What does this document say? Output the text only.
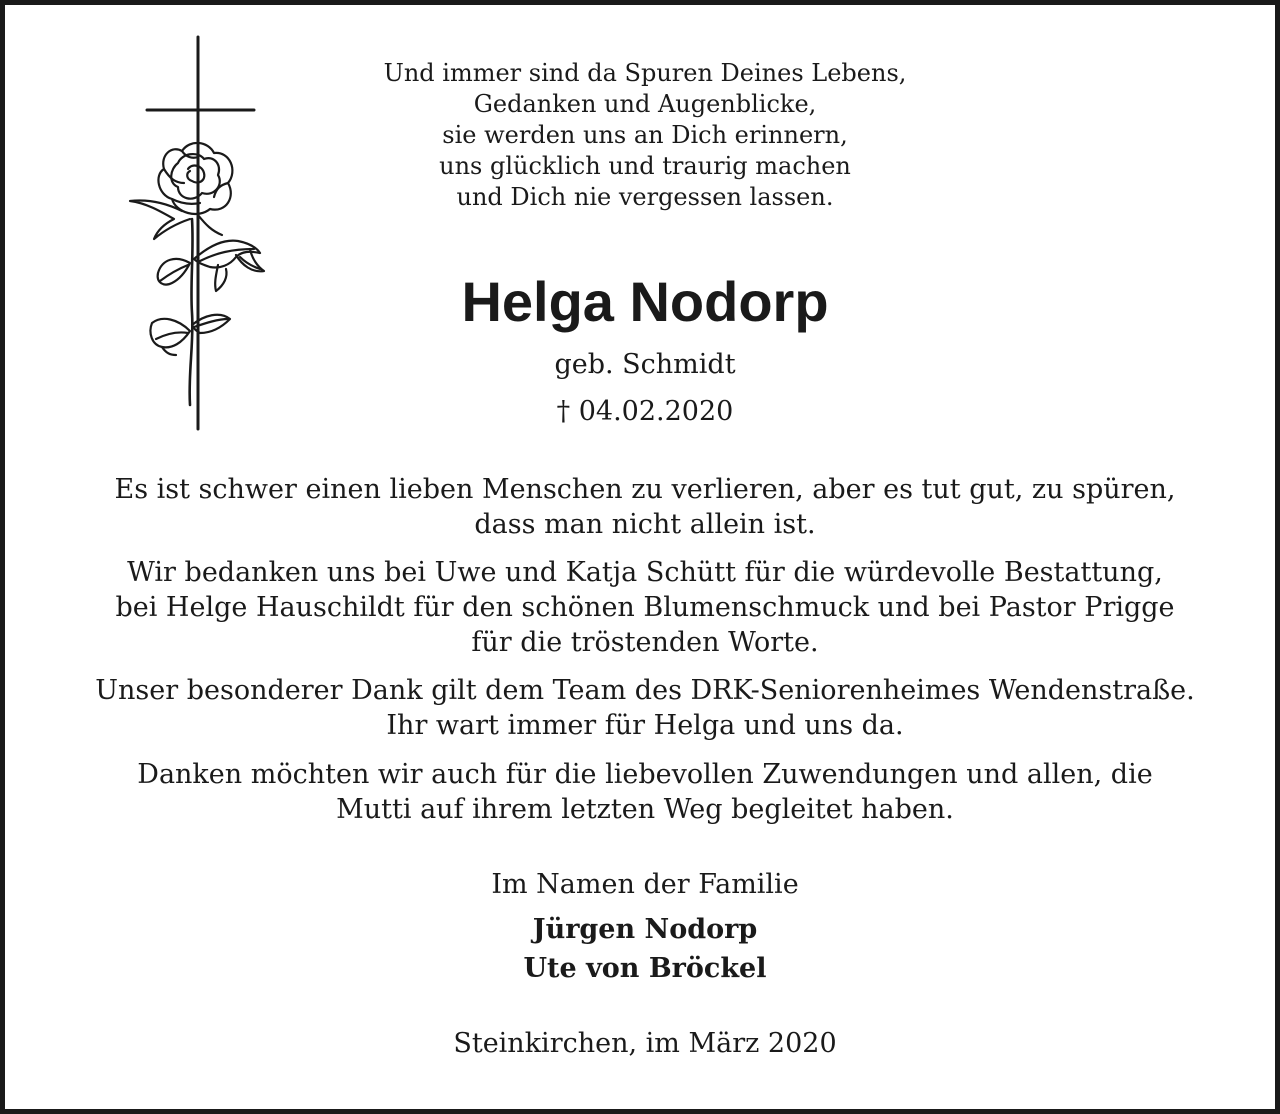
Und immer sind da Spuren Deines Lebens,
Gedanken und Augenblicke,
sie werden uns an Dich erinnern,
uns glücklich und traurig machen
und Dich nie vergessen lassen.
Helga Nodorp
geb. Schmidt
† 04.02.2020
Es ist schwer einen lieben Menschen zu verlieren, aber es tut gut, zu spüren,
dass man nicht allein ist.
Wir bedanken uns bei Uwe und Katja Schütt für die würdevolle Bestattung,
bei Helge Hauschildt für den schönen Blumenschmuck und bei Pastor Prigge
für die tröstenden Worte.
Unser besonderer Dank gilt dem Team des DRK-Seniorenheimes Wendenstraße.
Ihr wart immer für Helga und uns da.
Danken möchten wir auch für die liebevollen Zuwendungen und allen, die
Mutti auf ihrem letzten Weg begleitet haben.
Im Namen der Familie
Jürgen Nodorp
Ute von Bröckel
Steinkirchen, im März 2020
